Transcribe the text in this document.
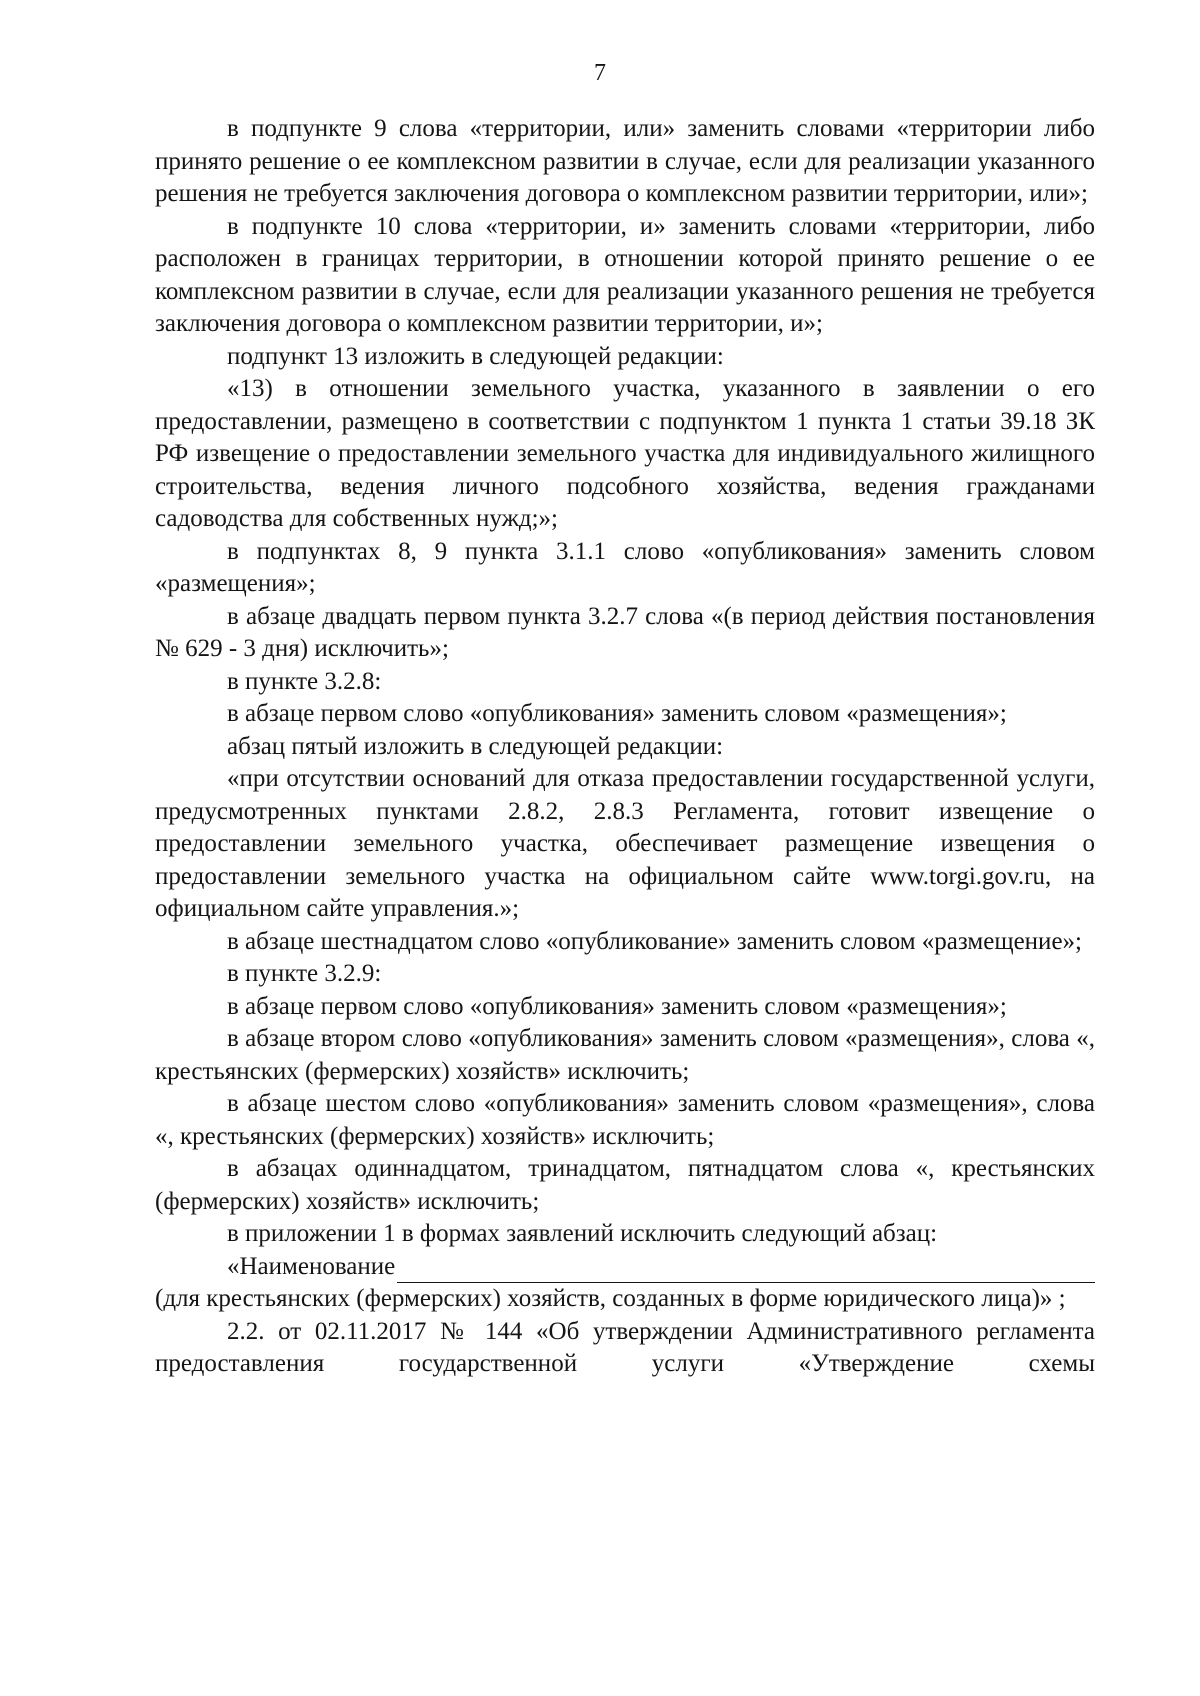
7

в подпункте 9 слова «территории, или» заменить словами «территории либо принято решение о ее комплексном развитии в случае, если для реализации указанного решения не требуется заключения договора о комплексном развитии территории, или»;

в подпункте 10 слова «территории, и» заменить словами «территории, либо расположен в границах территории, в отношении которой принято решение о ее комплексном развитии в случае, если для реализации указанного решения не требуется заключения договора о комплексном развитии территории, и»;

подпункт 13 изложить в следующей редакции:

«13) в отношении земельного участка, указанного в заявлении о его предоставлении, размещено в соответствии с подпунктом 1 пункта 1 статьи 39.18 ЗК РФ извещение о предоставлении земельного участка для индивидуального жилищного строительства, ведения личного подсобного хозяйства, ведения гражданами садоводства для собственных нужд;»;

в подпунктах 8, 9 пункта 3.1.1 слово «опубликования» заменить словом «размещения»;

в абзаце двадцать первом пункта 3.2.7 слова «(в период действия постановления № 629 - 3 дня) исключить»;

в пункте 3.2.8:

в абзаце первом слово «опубликования» заменить словом «размещения»;

абзац пятый изложить в следующей редакции:

«при отсутствии оснований для отказа предоставлении государственной услуги, предусмотренных пунктами 2.8.2, 2.8.3 Регламента, готовит извещение о предоставлении земельного участка, обеспечивает размещение извещения о предоставлении земельного участка на официальном сайте www.torgi.gov.ru, на официальном сайте управления.»;

в абзаце шестнадцатом слово «опубликование» заменить словом «размещение»;

в пункте 3.2.9:

в абзаце первом слово «опубликования» заменить словом «размещения»;

в абзаце втором слово «опубликования» заменить словом «размещения», слова «, крестьянских (фермерских) хозяйств» исключить;

в абзаце шестом слово «опубликования» заменить словом «размещения», слова «, крестьянских (фермерских) хозяйств» исключить;

в абзацах одиннадцатом, тринадцатом, пятнадцатом слова «, крестьянских (фермерских) хозяйств» исключить;

в приложении 1 в формах заявлений исключить следующий абзац:

«Наименование

(для крестьянских (фермерских) хозяйств, созданных в форме юридического лица)» ;

2.2. от 02.11.2017 № 144 «Об утверждении Административного регламента предоставления государственной услуги «Утверждение схемы
